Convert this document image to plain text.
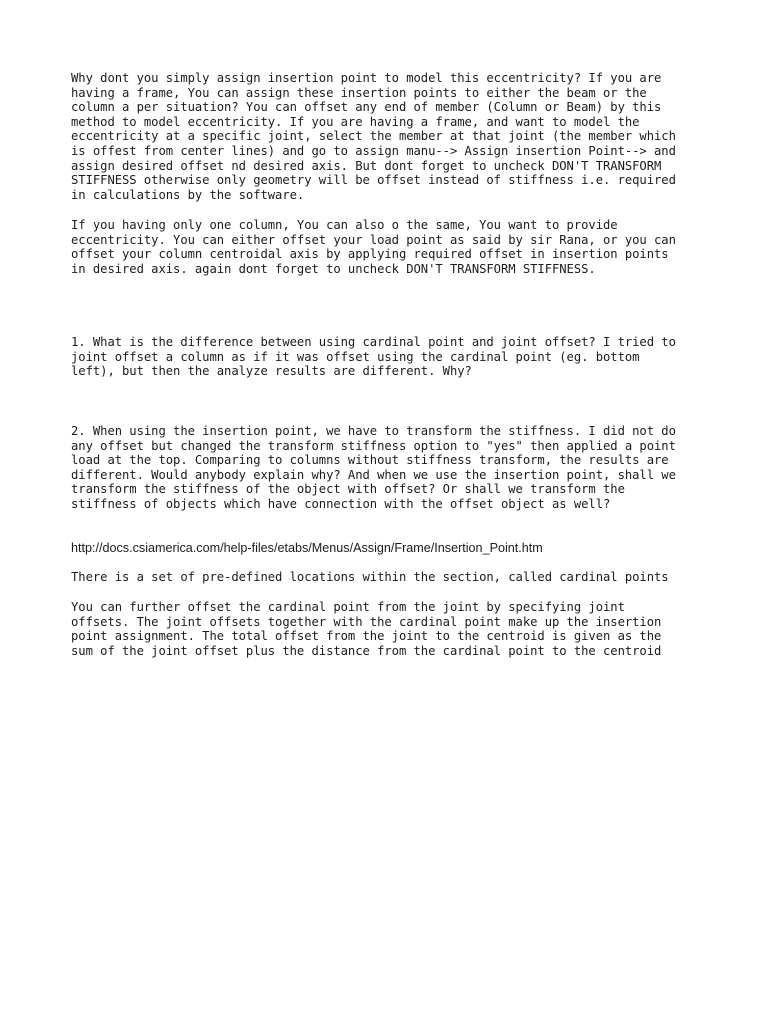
Why dont you simply assign insertion point to model this eccentricity? If you are
having a frame, You can assign these insertion points to either the beam or the
column a per situation? You can offset any end of member (Column or Beam) by this
method to model eccentricity. If you are having a frame, and want to model the
eccentricity at a specific joint, select the member at that joint (the member which
is offest from center lines) and go to assign manu--> Assign insertion Point--> and
assign desired offset nd desired axis. But dont forget to uncheck DON'T TRANSFORM
STIFFNESS otherwise only geometry will be offset instead of stiffness i.e. required
in calculations by the software.

If you having only one column, You can also o the same, You want to provide
eccentricity. You can either offset your load point as said by sir Rana, or you can
offset your column centroidal axis by applying required offset in insertion points
in desired axis. again dont forget to uncheck DON'T TRANSFORM STIFFNESS.

1. What is the difference between using cardinal point and joint offset? I tried to
joint offset a column as if it was offset using the cardinal point (eg. bottom
left), but then the analyze results are different. Why?

2. When using the insertion point, we have to transform the stiffness. I did not do
any offset but changed the transform stiffness option to "yes" then applied a point
load at the top. Comparing to columns without stiffness transform, the results are
different. Would anybody explain why? And when we use the insertion point, shall we
transform the stiffness of the object with offset? Or shall we transform the
stiffness of objects which have connection with the offset object as well?

http://docs.csiamerica.com/help-files/etabs/Menus/Assign/Frame/Insertion_Point.htm

There is a set of pre-defined locations within the section, called cardinal points

You can further offset the cardinal point from the joint by specifying joint
offsets. The joint offsets together with the cardinal point make up the insertion
point assignment. The total offset from the joint to the centroid is given as the
sum of the joint offset plus the distance from the cardinal point to the centroid
